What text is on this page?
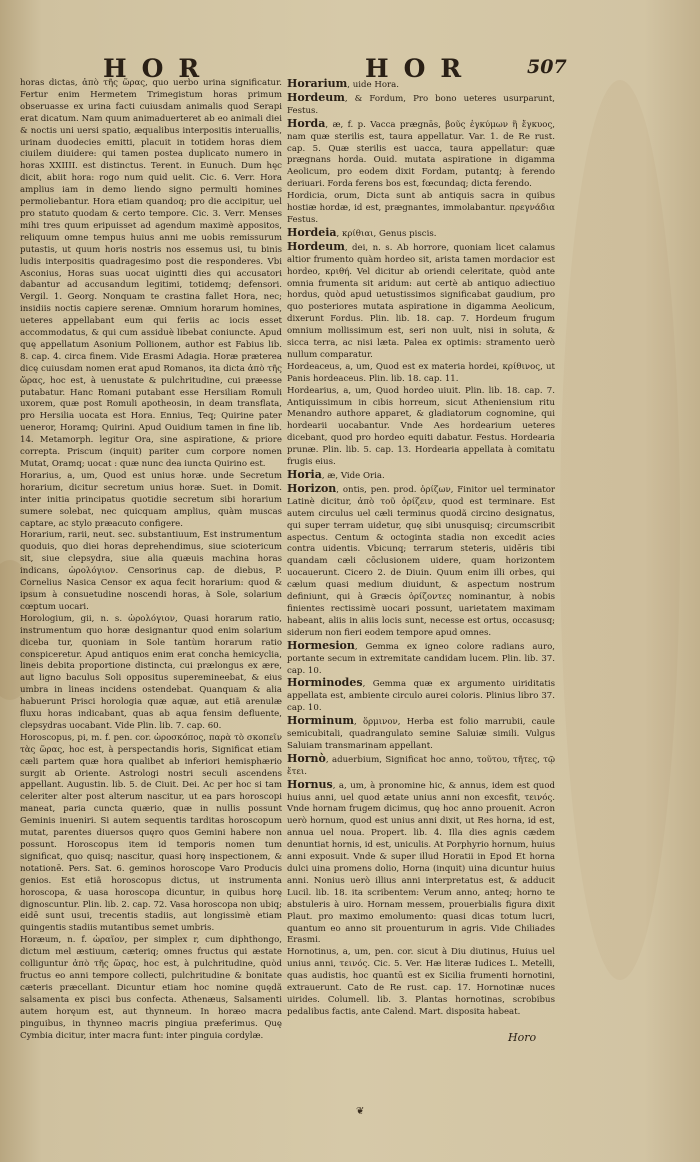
HOR	HOR	507
horas dictas, ἀπὸ τῆς ὥρας, quo uerbo urina significatur. Fertur enim Hermetem Trimegistum horas primum obseruasse ex urina facti cuiusdam animalis quod Serapi erat dicatum. Nam quum animaduerteret ab eo animali diei & noctis uni uersi spatio, æqualibus interpositis interuallis, urinam duodecies emitti, placuit in totidem horas diem ciuilem diuidere: qui tamen postea duplicato numero in horas XXIIII. est distinctus. Terent. in Eunuch. Dum hęc dicit, abiit hora: rogo num quid uelit. Cic. 6. Verr. Hora amplius iam in demo liendo signo permulti homines permoliebantur. Hora etiam quandoq; pro die accipitur, uel pro statuto quodam & certo tempore. Cic. 3. Verr. Menses mihi tres quum eripuisset ad agendum maximè appositos, reliquum omne tempus huius anni me uobis remissurum putastis, ut quum horis nostris nos essemus usi, tu binis ludis interpositis quadragesimo post die responderes. Vbi Asconius, Horas suas uocat uigintti dies qui accusatori dabantur ad accusandum legitimi, totidemq; defensori. Vergil. 1. Georg. Nonquam te crastina fallet Hora, nec; insidiis noctis capiere serenæ. Omnium horarum homines, ueteres appellabant eum qui feriis ac iocis esset accommodatus, & qui cum assiduè libebat coniuncte. Apud quę appellatum Asonium Pollionem, author est Fabius lib. 8. cap. 4. circa finem. Vide Erasmi Adagia. Horæ præterea dicę cuiusdam nomen erat apud Romanos, ita dicta ἀπὸ τῆς ὥρας, hoc est, à uenustate & pulchritudine, cui præesse putabatur. Hanc Romani putabant esse Hersiliam Romuli uxorem, quæ post Romuli apotheosin, in deam transflata, pro Hersilia uocata est Hora. Ennius, Teq; Quirine pater ueneror, Horamq; Quirini. Apud Ouidium tamen in fine lib. 14. Metamorph. legitur Ora, sine aspiratione, & priore correpta. Priscum (inquit) pariter cum corpore nomen Mutat, Oramq; uocat : quæ nunc dea iuncta Quirino est.
Horarius, a, um, Quod est unius horæ. unde Secretum horarium, dicitur secretum unius horæ. Suet. in Domit. inter initia principatus quotidie secretum sibi horarium sumere solebat, nec quicquam amplius, quàm muscas captare, ac stylo præacuto configere.
Horarium, rarii, neut. sec. substantiuum, Est instrumentum quoduis, quo diei horas deprehendimus, siue sciotericum sit, siue clepsydra, siue alia quæuis machina horas indicans, ὡρολόγιον. Censorinus cap. de diebus, P. Cornelius Nasica Censor ex aqua fecit horarium: quod & ipsum à consuetudine noscendi horas, à Sole, solarium cœptum uocari.
Horologium, gii, n. s. ὡρολόγιον, Quasi horarum ratio, instrumentum quo horæ designantur quod enim solarium diceba tur, quoniam in Sole tantùm horarum ratio conspiceretur. Apud antiquos enim erat concha hemicyclia, lineis debita proportione distincta, cui prælongus ex ære, aut ligno baculus Soli oppositus superemineebat, & eius umbra in lineas incidens ostendebat. Quanquam & alia habuerunt Prisci horologia quæ aquæ, aut etiã arenulæ fluxu horas indicabant, quas ab aqua fensim defluente, clepsydras uocabant. Vide Plin. lib. 7. cap. 60.
Horoscopus, pi, m. f. pen. cor. ὡροσκόπος, παρὰ τὸ σκοπεῖν τὰς ὥρας, hoc est, à perspectandis horis, Significat etiam cæli partem quæ hora qualibet ab inferiori hemisphærio surgit ab Oriente. Astrologi nostri seculi ascendens appellant. Augustin. lib. 5. de Ciuit. Dei. Ac per hoc si tam celeriter alter post alterum nascitur, ut ea pars horoscopi maneat, paria cuncta quærio, quæ in nullis possunt Geminis inueniri. Si autem sequentis tarditas horoscopum mutat, parentes diuersos quęro quos Gemini habere non possunt. Horoscopus item id temporis nomen tum significat, quo quisq; nascitur, quasi horę inspectionem, & notationē. Pers. Sat. 6. geminos horoscope Varo Producis genios. Est etiã horoscopus dictus, ut instrumenta horoscopa, & uasa horoscopa dicuntur, in quibus horę dignoscuntur. Plin. lib. 2. cap. 72. Vasa horoscopa non ubiq; eidē sunt usui, trecentis stadiis, aut longissimè etiam quingentis stadiis mutantibus semet umbris.
Horæum, n. f. ὡραῖον, per simplex r, cum diphthongo, dictum mel æstiuum, cæteriq; omnes fructus qui æstate colliguntur ἀπὸ τῆς ὥρας, hoc est, à pulchritudine, quòd fructus eo anni tempore collecti, pulchritudine & bonitate cæteris præcellant. Dicuntur etiam hoc nomine quędã salsamenta ex pisci bus confecta. Athenæus, Salsamenti autem horęum est, aut thynneum. In horæo macra pinguibus, in thynneo macris pingiua præferimus. Quę Cymbia dicitur, inter macra funt: inter pinguia cordylæ.
Horarium, uide Hora.
Hordeum, & Fordum, Pro bono ueteres usurparunt, Festus.
Horda, æ, f. p. Vacca prægnās, βοῦς ἐγκύμων ἢ ἔγκυος, nam quæ sterilis est, taura appellatur. Var. 1. de Re rust. cap. 5. Quæ sterilis est uacca, taura appellatur: quæ prægnans horda. Ouid. mutata aspiratione in digamma Aeolicum, pro eodem dixit Fordam, putantq; à ferendo deriuari. Forda ferens bos est, fœcundaq; dicta ferendo.
Hordicia, orum, Dicta sunt ab antiquis sacra in quibus hostiæ hordæ, id est, prægnantes, immolabantur. πρεγνάδια Festus.
Hordeia, κρίθιαι, Genus piscis.
Hordeum, dei, n. s. Ab horrore, quoniam licet calamus altior frumento quàm hordeo sit, arista tamen mordacior est hordeo, κριθή. Vel dicitur ab oriendi celeritate, quòd ante omnia frumenta sit aridum: aut certè ab antiquo adiectiuo hordus, quòd apud uetustissimos significabat gaudium, pro quo posteriores mutata aspiratione in digamma Aeolicum, dixerunt Fordus. Plin. lib. 18. cap. 7. Hordeum frugum omnium mollissimum est, seri non uult, nisi in soluta, & sicca terra, ac nisi læta. Palea ex optimis: stramento uerò nullum comparatur.
Hordeaceus, a, um, Quod est ex materia hordei, κρίθινος, ut Panis hordeaceus. Plin. lib. 18. cap. 11.
Hordearius, a, um, Quod hordeo uiuit. Plin. lib. 18. cap. 7. Antiquissimum in cibis horreum, sicut Atheniensium ritu Menandro authore apparet, & gladiatorum cognomine, qui hordearii uocabantur. Vnde Aes hordearium ueteres dicebant, quod pro hordeo equiti dabatur. Festus. Hordearia prunæ. Plin. lib. 5. cap. 13. Hordearia appellata à comitatu frugis eius.
Horia, æ, Vide Oria.
Horizon, ontis, pen. prod. ὁρίζων, Finitor uel terminator Latinè dicitur, ἀπὸ τοῦ ὁρίζειν, quod est terminare. Est autem circulus uel cæli terminus quodã circino designatus, qui super terram uidetur, quę sibi unusquisq; circumscribit aspectus. Centum & octoginta stadia non excedit acies contra uidentis. Vbicunq; terrarum steteris, uidēris tibi quandam cæli cōclusionem uidere, quam horizontem uocauerunt. Cicero 2. de Diuin. Quum enim illi orbes, qui cælum quasi medium diuidunt, & aspectum nostrum definiunt, qui à Græcis ὁρίζοντες nominantur, à nobis finientes rectissimè uocari possunt, uarietatem maximam habeant, aliis in aliis locis sunt, necesse est ortus, occasusq; siderum non fieri eodem tempore apud omnes.
Hormesion, Gemma ex igneo colore radians auro, portante secum in extremitate candidam lucem. Plin. lib. 37. cap. 10.
Horminodes, Gemma quæ ex argumento uiriditatis appellata est, ambiente circulo aurei coloris. Plinius libro 37. cap. 10.
Horminum, ὅρμινον, Herba est folio marrubii, caule semicubitali, quadrangulato semine Saluiæ simili. Vulgus Saluiam transmarinam appellant.
Hornò, aduerbium, Significat hoc anno, τοῦτου, τῆτες, τῷ ἔτει.
Hornus, a, um, à pronomine hic, & annus, idem est quod huius anni, uel quod ætate unius anni non excesfit, τεινός. Vnde hornam frugem dicimus, quę hoc anno prouenit. Acron uerò hornum, quod est unius anni dixit, ut Res horna, id est, annua uel noua. Propert. lib. 4. Illa dies agnis cædem denuntiat hornis, id est, uniculis. At Porphyrio hornum, huius anni exposuit. Vnde & super illud Horatii in Epod Et horna dulci uina promens dolio, Horna (inquit) uina dicuntur huius anni. Nonius uerò illius anni interpretatus est, & adducit Lucil. lib. 18. ita scribentem: Verum anno, anteq; horno te abstuleris à uiro. Hornam messem, prouerbialis figura dixit Plaut. pro maximo emolumento: quasi dicas totum lucri, quantum eo anno sit prouenturum in agris. Vide Chiliades Erasmi.
Hornotinus, a, um, pen. cor. sicut à Diu diutinus, Huius uel unius anni, τεινός. Cic. 5. Ver. Hæ literæ Iudices L. Metelli, quas audistis, hoc quantū est ex Sicilia frumenti hornotini, extrauerunt. Cato de Re rust. cap. 17. Hornotinæ nuces uirides. Columell. lib. 3. Plantas hornotinas, scrobibus pedalibus factis, ante Calend. Mart. disposita habeat.
Horo
❦
